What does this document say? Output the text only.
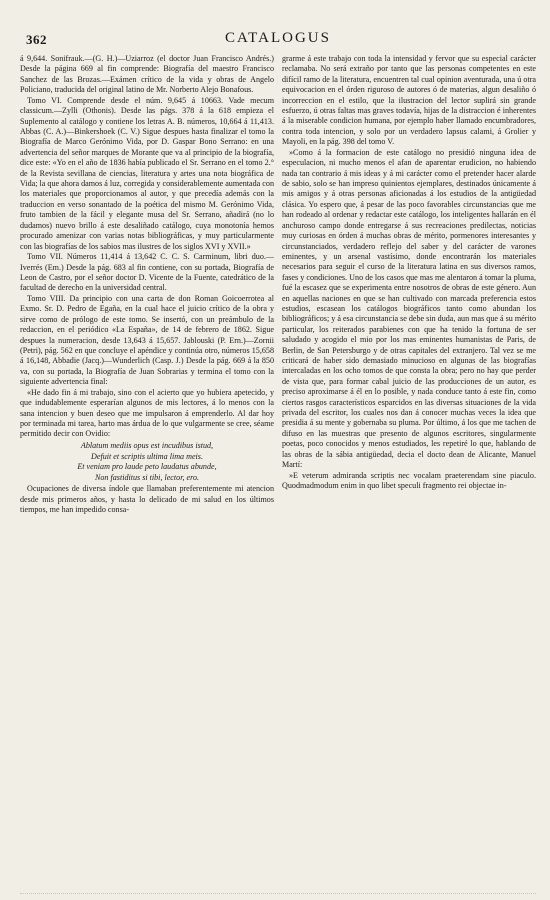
362	CATALOGUS

á 9,644. Sonifrauk.—(G. H.)—Uziarroz (el doctor Juan Francisco Andrés.) Desde la página 669 al fin comprende: Biografía del maestro Francisco Sanchez de las Brozas.—Exámen crítico de la vida y obras de Angelo Policiano, traducida del original latino de Mr. Norberto Alejo Bonafous.

Tomo VI. Comprende desde el núm. 9,645 á 10663. Vade mecum classicum.—Zylli (Othonis). Desde las págs. 378 á la 618 empieza el Suplemento al catálogo y contiene los letras A. B. números, 10,664 á 11,413. Abbas (C. A.)—Binkershoek (C. V.) Sigue despues hasta finalizar el tomo la Biografía de Marco Gerónimo Vida, por D. Gaspar Bono Serrano: en una advertencia del señor marques de Morante que va al principio de la biografía, dice este: «Yo en el año de 1836 había publicado el Sr. Serrano en el tomo 2.° de la Revista sevillana de ciencias, literatura y artes una nota biográfica de Vida; la que ahora damos á luz, corregida y considerablemente aumentada con los materiales que proporcionamos al autor, y que precedía además con la traduccion en verso sonantado de la poética del mismo M. Gerónimo Vida, fruto tambien de la fácil y elegante musa del Sr. Serrano, añadirá (no lo dudamos) nuevo brillo á este desaliñado catálogo, cuya monotonía hemos procurado amenizar con varias notas bibliográficas, y muy particularmente con las biografías de los sabios mas ilustres de los siglos XVI y XVII.»

Tomo VII. Números 11,414 á 13,642 C. C. S. Carminum, libri duo.—Iverrés (Em.) Desde la pág. 683 al fin contiene, con su portada, Biografía de Leon de Castro, por el señor doctor D. Vicente de la Fuente, catedrático de la facultad de derecho en la universidad central.

Tomo VIII. Da principio con una carta de don Roman Goicoerrotea al Exmo. Sr. D. Pedro de Egaña, en la cual hace el juicio crítico de la obra y sirve como de prólogo de este tomo. Se insertó, con un preámbulo de la redaccion, en el periódico «La España», de 14 de febrero de 1862. Sigue despues la numeracion, desde 13,643 á 15,657. Jablouski (P. Ern.)—Zornii (Petri), pág. 562 en que concluye el apéndice y continúa otro, números 15,658 á 16,148, Abbadie (Jacq.)—Wunderlich (Casp. J.) Desde la pág. 669 á la 850 va, con su portada, la Biografía de Juan Sobrarias y termina el tomo con la siguiente advertencia final:

«He dado fin á mi trabajo, sino con el acierto que yo hubiera apetecido, y que indudablemente esperarían algunos de mis lectores, á lo menos con la sana intencion y buen deseo que me impulsaron á emprenderlo. Al dar hoy por terminada mi tarea, harto mas árdua de lo que vulgarmente se cree, séame permitido decir con Ovidio:

Ablatum mediis opus est incudibus istud,
Defuit et scriptis ultima lima meis.
Et veniam pro laude peto laudatus abunde,
Non fastiditus si tibi, lector, ero.

Ocupaciones de diversa índole que llamaban preferentemente mi atencion desde mis primeros años, y hasta lo delicado de mi salud en los últimos tiempos, me han impedido consa-

grarme á este trabajo con toda la intensidad y fervor que su especial carácter reclamaba. No será extraño por tanto que las personas competentes en este difícil ramo de la literatura, encuentren tal cual opinion aventurada, una ú otra equivocacion en el órden riguroso de autores ó de materias, algun desaliño ó incorreccion en el estilo, que la ilustracion del lector suplirá sin grande esfuerzo, ú otras faltas mas graves todavía, hijas de la distraccion é inherentes á la miserable condicion humana, por ejemplo haber llamado encumbradores, contra toda intencion, y solo por un verdadero lapsus calami, á Grolier y Mayoli, en la pág. 398 del tomo V.

»Como á la formacion de este catálogo no presidió ninguna idea de especulacion, ni mucho menos el afan de aparentar erudicion, no habiendo nada tan contrario á mis ideas y á mi carácter como el pretender hacer alarde de sabio, solo se han impreso quinientos ejemplares, destinados únicamente á mis amigos y á otras personas aficionadas á los estudios de la antigüedad clásica. Yo espero que, á pesar de las poco favorables circunstancias que me han rodeado al ordenar y redactar este catálogo, los inteligentes hallarán en él anchuroso campo donde entregarse á sus recreaciones predilectas, noticias muy curiosas en órden á muchas obras de mérito, pormenores interesantes y circunstanciados, verdadero reflejo del saber y del carácter de varones eminentes, y un arsenal vastísimo, donde encontrarán los materiales necesarios para seguir el curso de la literatura latina en sus diversos ramos, fases y condiciones. Uno de los casos que mas me alentaron á tomar la pluma, fué la escasez que se experimenta entre nosotros de obras de este género. Aun en aquellas naciones en que se han cultivado con marcada preferencia estos estudios, escasean los catálogos biográficos tanto como abundan los bibliográficos; y á esa circunstancia se debe sin duda, aun mas que á su mérito particular, los reiterados parabienes con que ha tenido la fortuna de ser saludado y acogido el mio por los mas eminentes humanistas de Paris, de Berlin, de San Petersburgo y de otras capitales del extranjero. Tal vez se me criticará de haber sido demasiado minucioso en algunas de las biografías intercaladas en los ocho tomos de que consta la obra; pero no hay que perder de vista que, para formar cabal juicio de las producciones de un autor, es preciso aproximarse á él en lo posible, y nada conduce tanto á este fin, como ciertos rasgos característicos esparcidos en las diversas situaciones de la vida privada del escritor, los cuales nos dan á conocer muchas veces la idea que presidia á su mente y gobernaba su pluma. Por último, á los que me tachen de difuso en las muestras que presento de algunos escritores, singularmente poetas, poco conocidos y menos estudiados, les repetiré lo que, hablando de las obras de la sábia antigüedad, decia el docto dean de Alicante, Manuel Martí:

»E veterum admiranda scriptis nec vocalam praeterendam sine piaculo. Quodmadmodum enim in quo libet speculi fragmento rei objectae in-
